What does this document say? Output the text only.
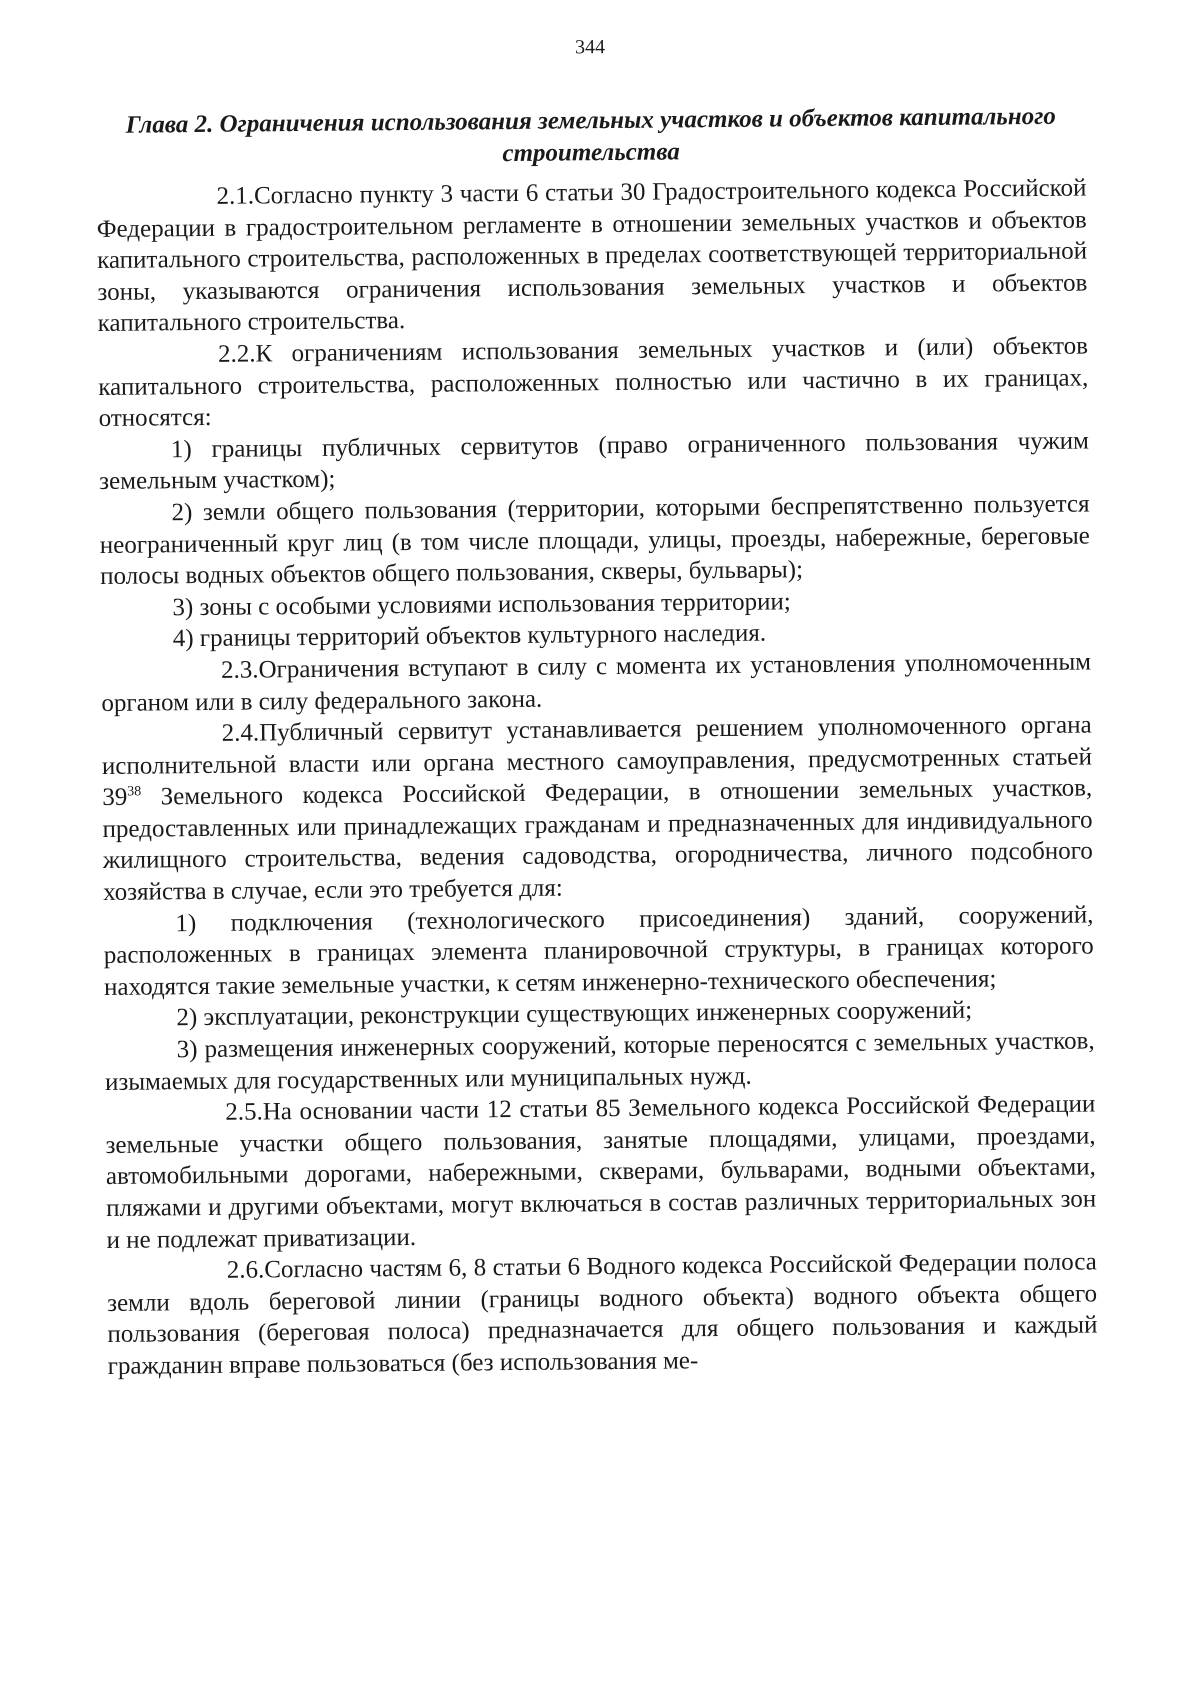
344
Глава 2. Ограничения использования земельных участков и объектов капитального строительства

2.1.Согласно пункту 3 части 6 статьи 30 Градостроительного кодекса Российской Федерации в градостроительном регламенте в отношении земельных участков и объектов капитального строительства, расположенных в пределах соответствующей территориальной зоны, указываются ограничения использования земельных участков и объектов капитального строительства.

2.2.К ограничениям использования земельных участков и (или) объектов капитального строительства, расположенных полностью или частично в их границах, относятся:

1) границы публичных сервитутов (право ограниченного пользования чужим земельным участком);

2) земли общего пользования (территории, которыми беспрепятственно пользуется неограниченный круг лиц (в том числе площади, улицы, проезды, набережные, береговые полосы водных объектов общего пользования, скверы, бульвары);

3) зоны с особыми условиями использования территории;

4) границы территорий объектов культурного наследия.

2.3.Ограничения вступают в силу с момента их установления уполномоченным органом или в силу федерального закона.

2.4.Публичный сервитут устанавливается решением уполномоченного органа исполнительной власти или органа местного самоуправления, предусмотренных статьей $39^{38}$ Земельного кодекса Российской Федерации, в отношении земельных участков, предоставленных или принадлежащих гражданам и предназначенных для индивидуального жилищного строительства, ведения садоводства, огородничества, личного подсобного хозяйства в случае, если это требуется для:

1) подключения (технологического присоединения) зданий, сооружений, расположенных в границах элемента планировочной структуры, в границах которого находятся такие земельные участки, к сетям инженерно-технического обеспечения;

2) эксплуатации, реконструкции существующих инженерных сооружений;

3) размещения инженерных сооружений, которые переносятся с земельных участков, изымаемых для государственных или муниципальных нужд.

2.5.На основании части 12 статьи 85 Земельного кодекса Российской Федерации земельные участки общего пользования, занятые площадями, улицами, проездами, автомобильными дорогами, набережными, скверами, бульварами, водными объектами, пляжами и другими объектами, могут включаться в состав различных территориальных зон и не подлежат приватизации.

2.6.Согласно частям 6, 8 статьи 6 Водного кодекса Российской Федерации полоса земли вдоль береговой линии (границы водного объекта) водного объекта общего пользования (береговая полоса) предназначается для общего пользования и каждый гражданин вправе пользоваться (без использования ме-
